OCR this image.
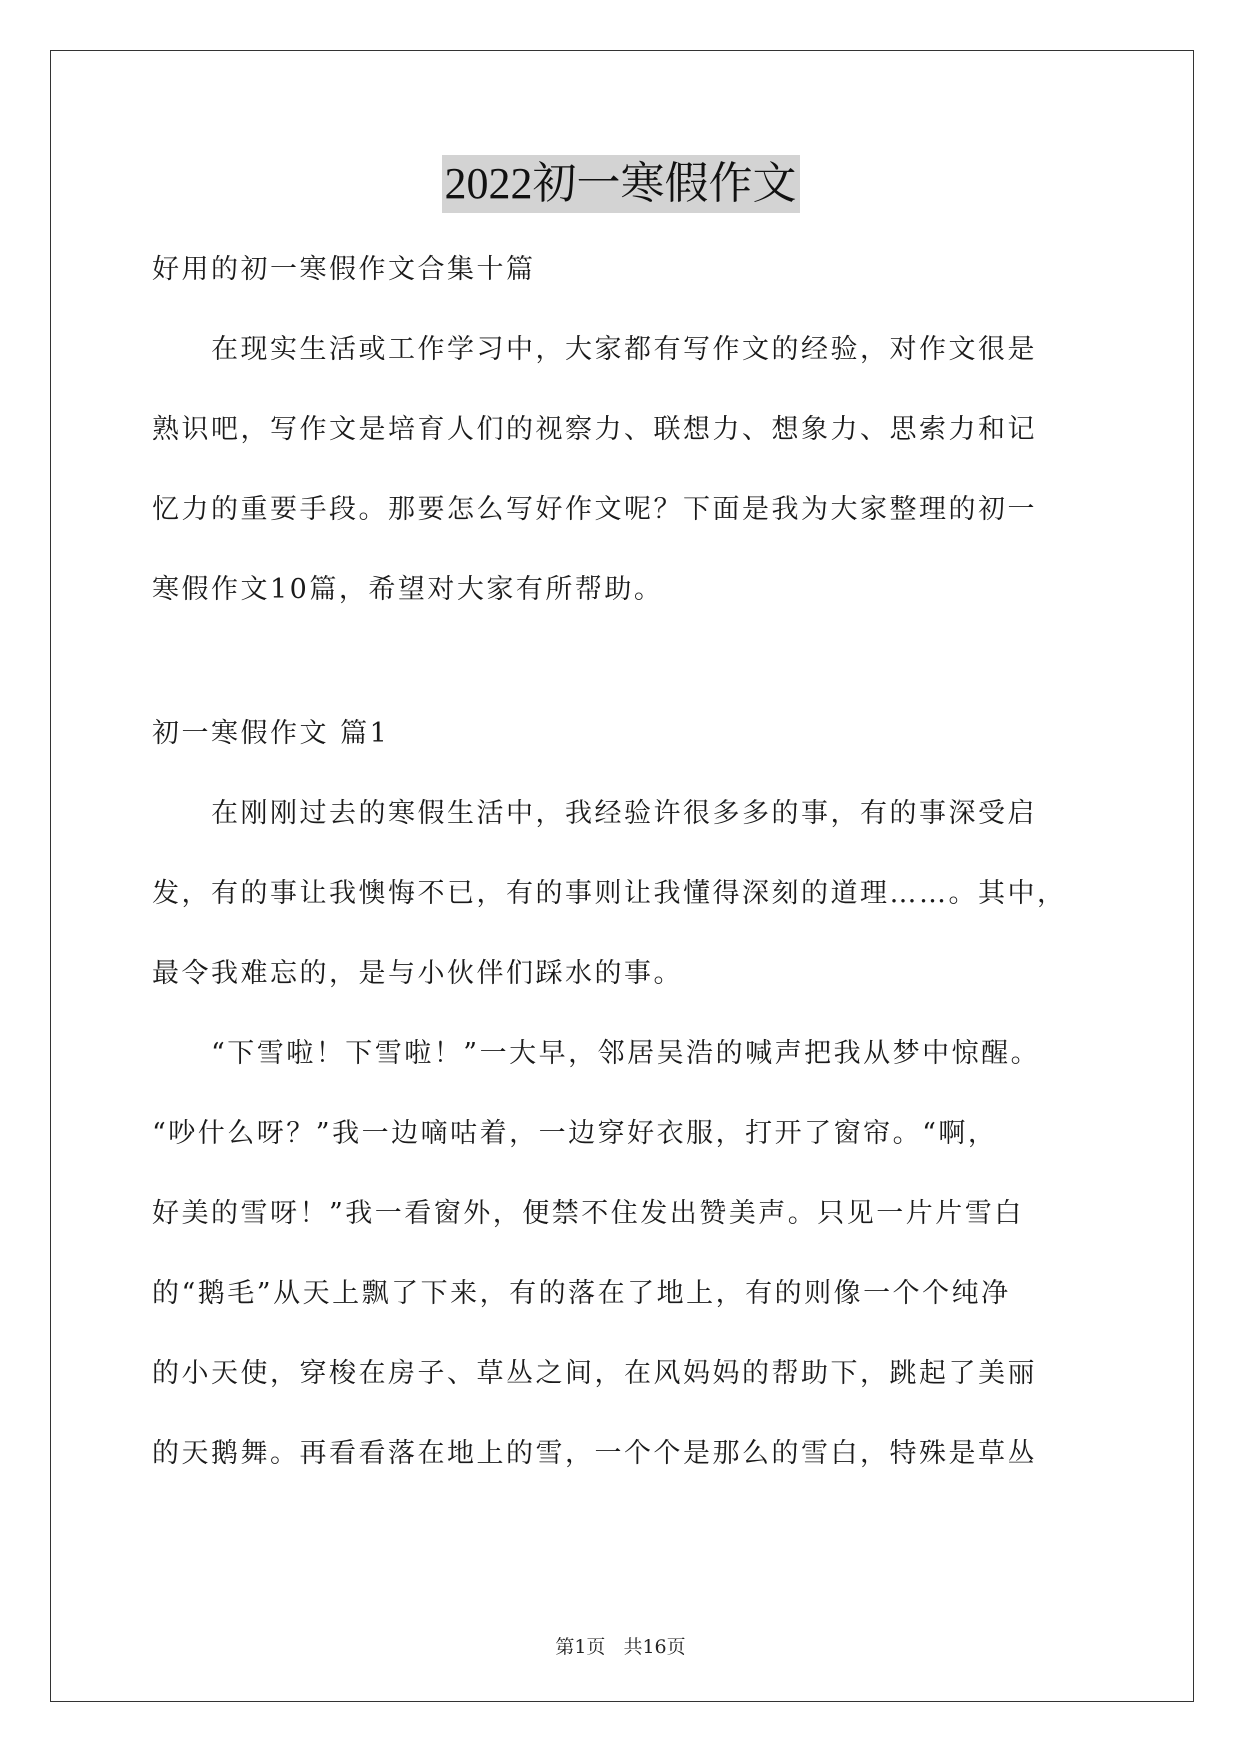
2022初一寒假作文
好用的初一寒假作文合集十篇
　　在现实生活或工作学习中，大家都有写作文的经验，对作文很是
熟识吧，写作文是培育人们的视察力、联想力、想象力、思索力和记
忆力的重要手段。那要怎么写好作文呢？下面是我为大家整理的初一
寒假作文10篇，希望对大家有所帮助。
初一寒假作文 篇1
　　在刚刚过去的寒假生活中，我经验许很多多的事，有的事深受启
发，有的事让我懊悔不已，有的事则让我懂得深刻的道理……。其中，
最令我难忘的，是与小伙伴们踩水的事。
　　“下雪啦！下雪啦！”一大早，邻居吴浩的喊声把我从梦中惊醒。
“吵什么呀？”我一边嘀咕着，一边穿好衣服，打开了窗帘。“啊，
好美的雪呀！”我一看窗外，便禁不住发出赞美声。只见一片片雪白
的“鹅毛”从天上飘了下来，有的落在了地上，有的则像一个个纯净
的小天使，穿梭在房子、草丛之间，在风妈妈的帮助下，跳起了美丽
的天鹅舞。再看看落在地上的雪，一个个是那么的雪白，特殊是草丛
第1页 共16页
